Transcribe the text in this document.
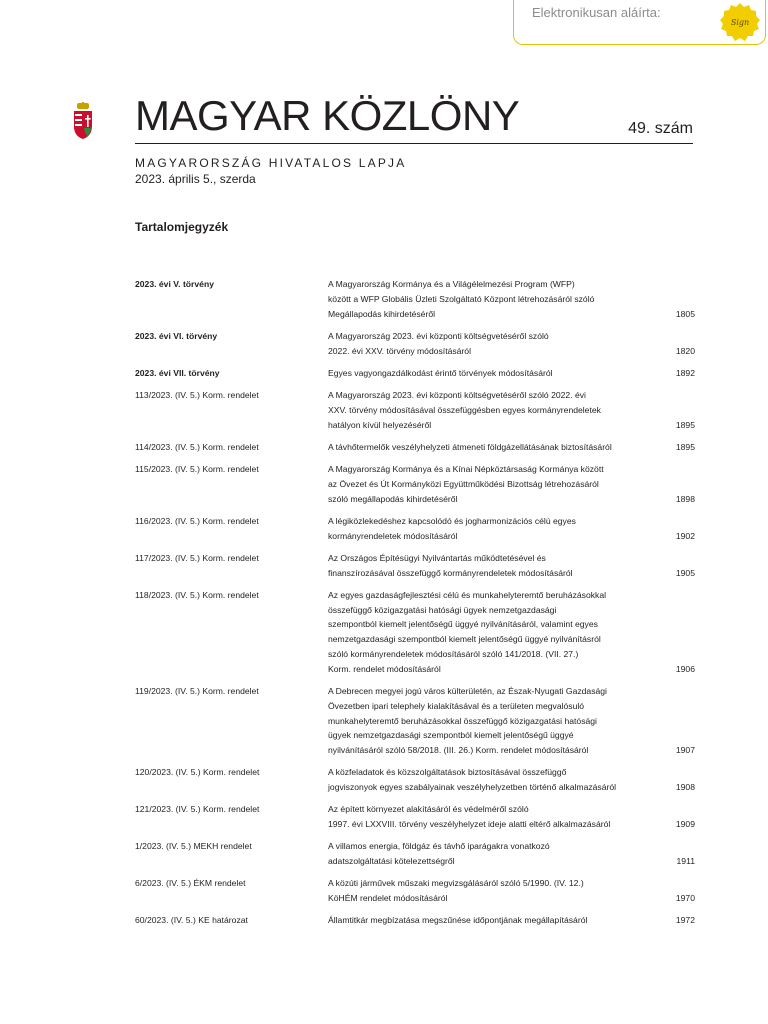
Elektronikusan aláírta:
Sign
MAGYAR KÖZLÖNY	49. szám
MAGYARORSZÁG HIVATALOS LAPJA
2023. április 5., szerda
Tartalomjegyzék
2023. évi V. törvény	A Magyarország Kormánya és a Világélelmezési Program (WFP)
között a WFP Globális Üzleti Szolgáltató Központ létrehozásáról szóló
Megállapodás kihirdetéséről	1805
2023. évi VI. törvény	A Magyarország 2023. évi központi költségvetéséről szóló
2022. évi XXV. törvény módosításáról	1820
2023. évi VII. törvény	Egyes vagyongazdálkodást érintő törvények módosításáról	1892
113/2023. (IV. 5.) Korm. rendelet	A Magyarország 2023. évi központi költségvetéséről szóló 2022. évi
XXV. törvény módosításával összefüggésben egyes kormányrendeletek
hatályon kívül helyezéséről	1895
114/2023. (IV. 5.) Korm. rendelet	A távhőtermelők veszélyhelyzeti átmeneti földgázellátásának biztosításáról	1895
115/2023. (IV. 5.) Korm. rendelet	A Magyarország Kormánya és a Kínai Népköztársaság Kormánya között
az Övezet és Út Kormányközi Együttműködési Bizottság létrehozásáról
szóló megállapodás kihirdetéséről	1898
116/2023. (IV. 5.) Korm. rendelet	A légiközlekedéshez kapcsolódó és jogharmonizációs célú egyes
kormányrendeletek módosításáról	1902
117/2023. (IV. 5.) Korm. rendelet	Az Országos Építésügyi Nyilvántartás működtetésével és
finanszírozásával összefüggő kormányrendeletek módosításáról	1905
118/2023. (IV. 5.) Korm. rendelet	Az egyes gazdaságfejlesztési célú és munkahelyteremtő beruházásokkal
összefüggő közigazgatási hatósági ügyek nemzetgazdasági
szempontból kiemelt jelentőségű üggyé nyilvánításáról, valamint egyes
nemzetgazdasági szempontból kiemelt jelentőségű üggyé nyilvánításról
szóló kormányrendeletek módosításáról szóló 141/2018. (VII. 27.)
Korm. rendelet módosításáról	1906
119/2023. (IV. 5.) Korm. rendelet	A Debrecen megyei jogú város külterületén, az Észak-Nyugati Gazdasági
Övezetben ipari telephely kialakításával és a területen megvalósuló
munkahelyteremtő beruházásokkal összefüggő közigazgatási hatósági
ügyek nemzetgazdasági szempontból kiemelt jelentőségű üggyé
nyilvánításáról szóló 58/2018. (III. 26.) Korm. rendelet módosításáról	1907
120/2023. (IV. 5.) Korm. rendelet	A közfeladatok és közszolgáltatások biztosításával összefüggő
jogviszonyok egyes szabályainak veszélyhelyzetben történő alkalmazásáról	1908
121/2023. (IV. 5.) Korm. rendelet	Az épített környezet alakításáról és védelméről szóló
1997. évi LXXVIII. törvény veszélyhelyzet ideje alatti eltérő alkalmazásáról	1909
1/2023. (IV. 5.) MEKH rendelet	A villamos energia, földgáz és távhő iparágakra vonatkozó
adatszolgáltatási kötelezettségről	1911
6/2023. (IV. 5.) ÉKM rendelet	A közúti járművek műszaki megvizsgálásáról szóló 5/1990. (IV. 12.)
KöHÉM rendelet módosításáról	1970
60/2023. (IV. 5.) KE határozat	Államtitkár megbízatása megszűnése időpontjának megállapításáról	1972
